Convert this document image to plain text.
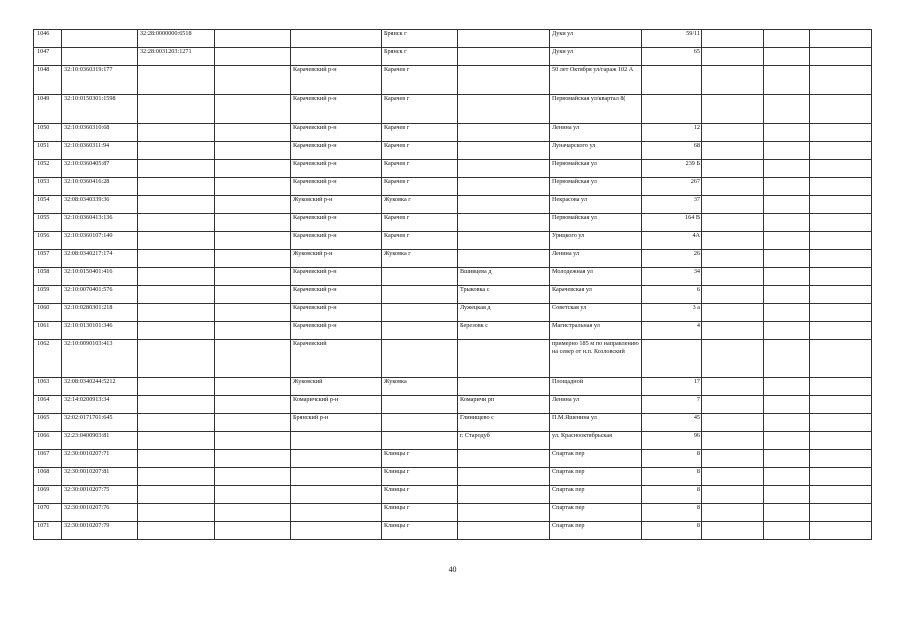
1046		32:28:0000000:6518			Брянск г		Дуки ул	59/11			
1047		32:28:0031203:1271			Брянск г		Дуки ул	65			
1048	32:10:0360319:177			Карачевский р-н	Карачев г		50 лет Октября ул/гараж 102 А				
1049	32:10:0150301:1598			Карачевский р-н	Карачев г		Первомайская ул/квартал 8(				
1050	32:10:0360310:68			Карачевский р-н	Карачев г		Ленина ул	12			
1051	32:10:0360311:94			Карачевский р-н	Карачев г		Луначарского ул	68			
1052	32:10:0360405:87			Карачевский р-н	Карачев г		Первомайская ул	239 Б			
1053	32:10:0360416:28			Карачевский р-н	Карачев г		Первомайская ул	267			
1054	32:08:0340339:36			Жуковский р-н	Жуковка г		Некрасова ул	37			
1055	32:10:0360413:136			Карачевский р-н	Карачев г		Первомайская ул	164 В			
1056	32:10:0360107:140			Карачевский р-н	Карачев г		Урицкого ул	4А			
1057	32:08:0340217:174			Жуковский р-н	Жуковка г		Ленина ул	26			
1058	32:10:0150401:416			Карачевский р-н		Вшивцева д	Молодежная ул	34			
1059	32:10:0070401:576			Карачевский р-н		Трыковка с	Карачевская ул	6			
1060	32:10:0280301:218			Карачевский р-н		Лужецкая д	Советская ул	3 а			
1061	32:10:0130101:346			Карачевский р-н		Березовк с	Магистральная ул	4			
1062	32:10:0090103:413			Карачевский			примерно 185 м по направлению на север от н.п. Козловский				
1063	32:08:0340244:5212			Жуковский	Жуковка		Площадной	17			
1064	32:14:0200913:34			Комаричский р-н		Комаричи рп	Ленина ул	7			
1065	32:02:0171701:645			Брянский р-н		Глинищево с	П.М.Яшенина ул	45			
1066	32:23:0400903:81					г. Стародуб	ул. Краснооктябрьская	96			
1067	32:30:0010207:71				Клинцы г		Спартак пер	8			
1068	32:30:0010207:81				Клинцы г		Спартак пер	8			
1069	32:30:0010207:75				Клинцы г		Спартак пер	8			
1070	32:30:0010207:76				Клинцы г		Спартак пер	8			
1071	32:30:0010207:79				Клинцы г		Спартак пер	8			
40
